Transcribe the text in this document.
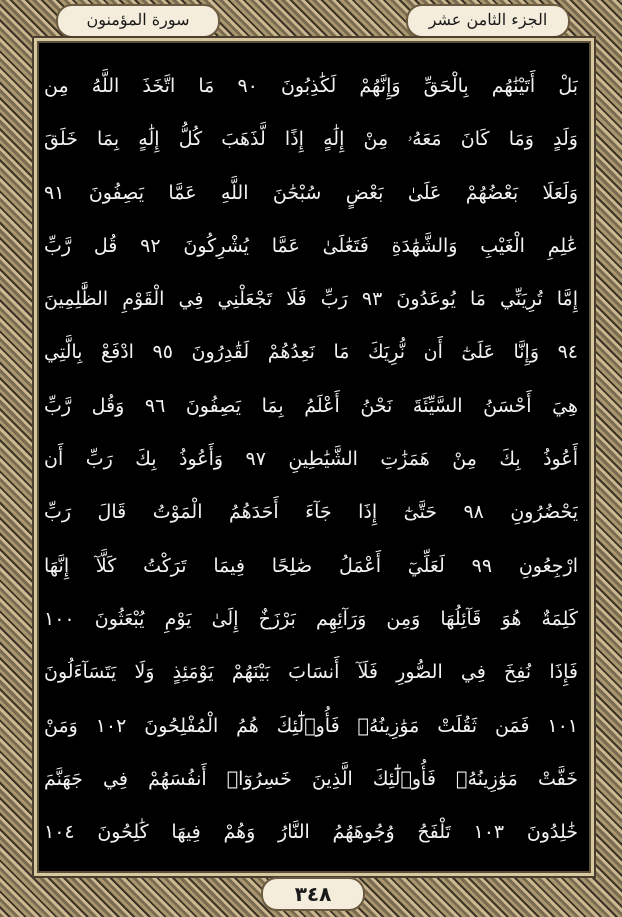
الجزء الثامن عشر
سورة المؤمنون
بَلْ أَتَيْنَٰهُم بِالْحَقِّ وَإِنَّهُمْ لَكَٰذِبُونَ ٩٠ مَا اتَّخَذَ اللَّهُ مِن
وَلَدٍ وَمَا كَانَ مَعَهُۥ مِنْ إِلَٰهٍ إِذًا لَّذَهَبَ كُلُّ إِلَٰهٍ بِمَا خَلَقَ
وَلَعَلَا بَعْضُهُمْ عَلَىٰ بَعْضٍ سُبْحَٰنَ اللَّهِ عَمَّا يَصِفُونَ ٩١
عَٰلِمِ الْغَيْبِ وَالشَّهَٰدَةِ فَتَعَٰلَىٰ عَمَّا يُشْرِكُونَ ٩٢ قُل رَّبِّ
إِمَّا تُرِيَنِّي مَا يُوعَدُونَ ٩٣ رَبِّ فَلَا تَجْعَلْنِي فِي الْقَوْمِ الظَّٰلِمِينَ
٩٤ وَإِنَّا عَلَىٰٓ أَن نُّرِيَكَ مَا نَعِدُهُمْ لَقَٰدِرُونَ ٩٥ ادْفَعْ بِالَّتِي
هِيَ أَحْسَنُ السَّيِّئَةَ نَحْنُ أَعْلَمُ بِمَا يَصِفُونَ ٩٦ وَقُل رَّبِّ
أَعُوذُ بِكَ مِنْ هَمَزَٰتِ الشَّيَٰطِينِ ٩٧ وَأَعُوذُ بِكَ رَبِّ أَن
يَحْضُرُونِ ٩٨ حَتَّىٰٓ إِذَا جَآءَ أَحَدَهُمُ الْمَوْتُ قَالَ رَبِّ
ارْجِعُونِ ٩٩ لَعَلِّيٓ أَعْمَلُ صَٰلِحًا فِيمَا تَرَكْتُ كَلَّآ إِنَّهَا
كَلِمَةٌ هُوَ قَآئِلُهَا وَمِن وَرَآئِهِم بَرْزَخٌ إِلَىٰ يَوْمِ يُبْعَثُونَ ١٠٠
فَإِذَا نُفِخَ فِي الصُّورِ فَلَآ أَنسَابَ بَيْنَهُمْ يَوْمَئِذٍ وَلَا يَتَسَآءَلُونَ
١٠١ فَمَن ثَقُلَتْ مَوَٰزِينُهُۥ فَأُو۟لَٰٓئِكَ هُمُ الْمُفْلِحُونَ ١٠٢ وَمَنْ
خَفَّتْ مَوَٰزِينُهُۥ فَأُو۟لَٰٓئِكَ الَّذِينَ خَسِرُوٓا۟ أَنفُسَهُمْ فِي جَهَنَّمَ
خَٰلِدُونَ ١٠٣ تَلْفَحُ وُجُوهَهُمُ النَّارُ وَهُمْ فِيهَا كَٰلِحُونَ ١٠٤
٣٤٨
